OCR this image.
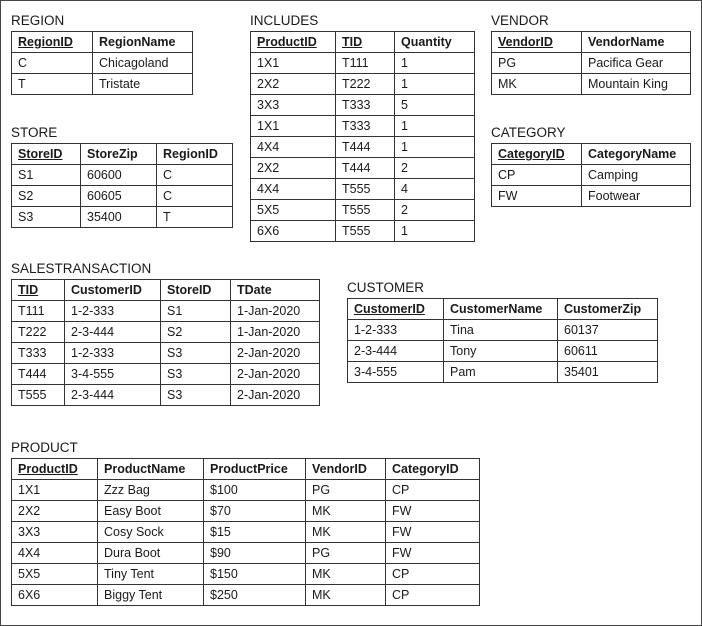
REGION
RegionID	RegionName
C	Chicagoland
T	Tristate
INCLUDES
ProductID	TID	Quantity
1X1	T111	1
2X2	T222	1
3X3	T333	5
1X1	T333	1
4X4	T444	1
2X2	T444	2
4X4	T555	4
5X5	T555	2
6X6	T555	1
VENDOR
VendorID	VendorName
PG	Pacifica Gear
MK	Mountain King
STORE
StoreID	StoreZip	RegionID
S1	60600	C
S2	60605	C
S3	35400	T
CATEGORY
CategoryID	CategoryName
CP	Camping
FW	Footwear
SALESTRANSACTION
TID	CustomerID	StoreID	TDate
T111	1-2-333	S1	1-Jan-2020
T222	2-3-444	S2	1-Jan-2020
T333	1-2-333	S3	2-Jan-2020
T444	3-4-555	S3	2-Jan-2020
T555	2-3-444	S3	2-Jan-2020
CUSTOMER
CustomerID	CustomerName	CustomerZip
1-2-333	Tina	60137
2-3-444	Tony	60611
3-4-555	Pam	35401
PRODUCT
ProductID	ProductName	ProductPrice	VendorID	CategoryID
1X1	Zzz Bag	$100	PG	CP
2X2	Easy Boot	$70	MK	FW
3X3	Cosy Sock	$15	MK	FW
4X4	Dura Boot	$90	PG	FW
5X5	Tiny Tent	$150	MK	CP
6X6	Biggy Tent	$250	MK	CP
